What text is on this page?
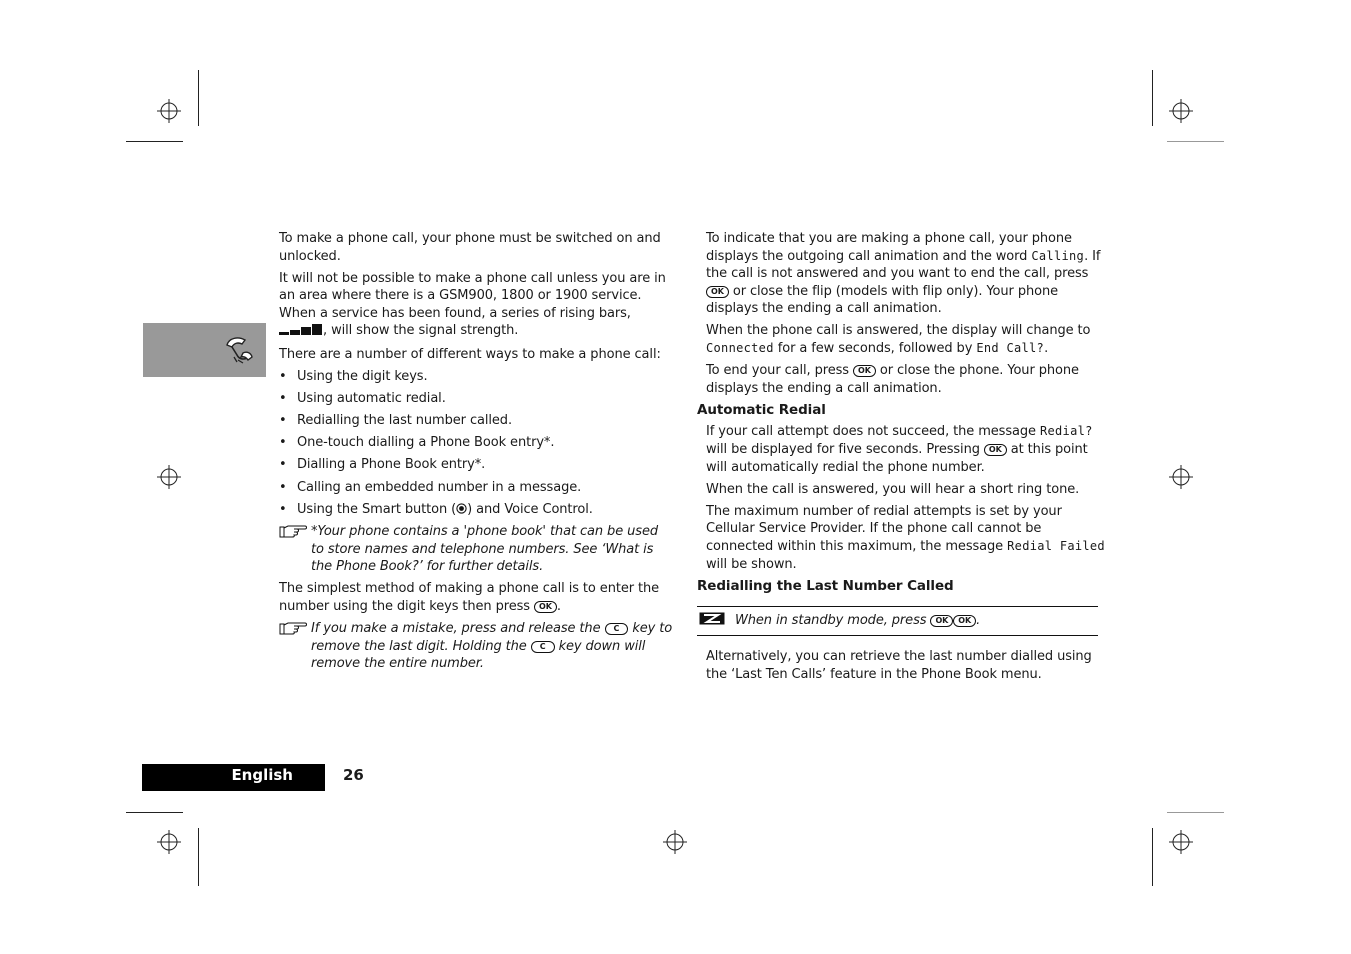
To make a phone call, your phone must be switched on and unlocked.

It will not be possible to make a phone call unless you are in an area where there is a GSM900, 1800 or 1900 service. When a service has been found, a series of rising bars, , will show the signal strength.

There are a number of different ways to make a phone call:

• Using the digit keys.
• Using automatic redial.
• Redialling the last number called.
• One-touch dialling a Phone Book entry*.
• Dialling a Phone Book entry*.
• Calling an embedded number in a message.
• Using the Smart button ( ) and Voice Control.
*Your phone contains a 'phone book' that can be used to store names and telephone numbers. See ‘What is the Phone Book?’ for further details.

The simplest method of making a phone call is to enter the number using the digit keys then press OK .

If you make a mistake, press and release the C key to remove the last digit. Holding the C key down will remove the entire number.

To indicate that you are making a phone call, your phone displays the outgoing call animation and the word Calling. If the call is not answered and you want to end the call, press OK or close the flip (models with flip only). Your phone displays the ending a call animation.

When the phone call is answered, the display will change to Connected for a few seconds, followed by End Call?.

To end your call, press OK or close the phone. Your phone displays the ending a call animation.

Automatic Redial

If your call attempt does not succeed, the message Redial? will be displayed for five seconds. Pressing OK at this point will automatically redial the phone number.

When the call is answered, you will hear a short ring tone.

The maximum number of redial attempts is set by your Cellular Service Provider. If the phone call cannot be connected within this maximum, the message Redial Failed will be shown.

Redialling the Last Number Called
When in standby mode, press
	OK	OK .

Alternatively, you can retrieve the last number dialled using the ‘Last Ten Calls’ feature in the Phone Book menu.

English	26
